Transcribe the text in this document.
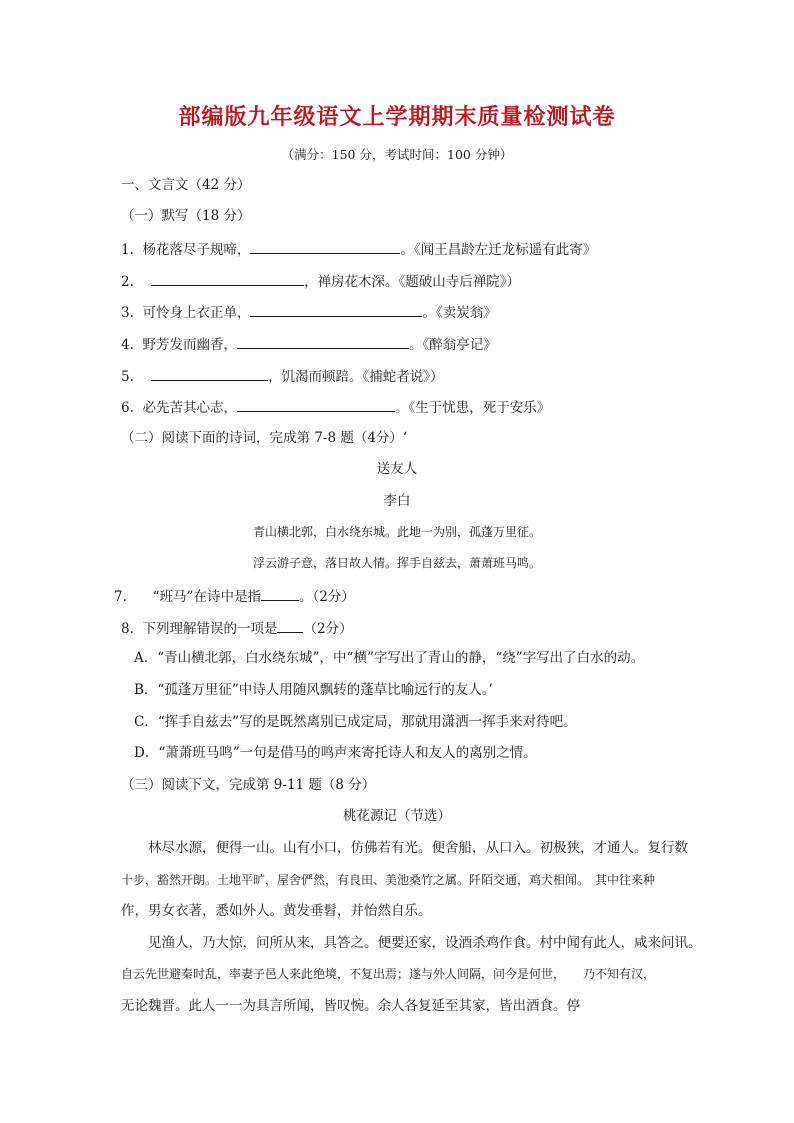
部编版九年级语文上学期期末质量检测试卷
（满分：150 分，考试时间：100 分钟）
一、文言文（42 分）
（一）默写（18 分）
1. 杨花落尽子规啼，	。《闻王昌龄左迁龙标遥有此寄》
2.	，禅房花木深。《题破山寺后禅院》）
3. 可怜身上衣正单，	。《卖炭翁》
4. 野芳发而幽香，	。《醉翁亭记》
5.	，饥渴而顿踣。《捕蛇者说》）
6. 必先苦其心志，	。《生于忧患，死于安乐》
（二）阅读下面的诗词，完成第 7-8 题（4分）‘
送友人
李白
青山横北郭，白水绕东城。此地一为别，孤蓬万里征。
浮云游子意，落日故人情。挥手自兹去，萧萧班马鸣。
7. “班马”在诗中是指	。（2分）
8. 下列理解错误的一项是 （2分）
A．“青山横北郭，白水绕东城”，中“横”字写出了青山的静，“绕”字写出了白水的动。
B．“孤蓬万里征”中诗人用随风飘转的蓬草比喻远行的友人。’
C．“挥手自兹去”写的是既然离别已成定局，那就用潇洒一挥手来对待吧。
D．“萧萧班马鸣”一句是借马的鸣声来寄托诗人和友人的离别之情。
（三）阅读下文，完成第 9-11 题（8 分）
桃花源记（节选）
林尽水源，便得一山。山有小口，仿佛若有光。便舍船，从口入。初极狭，才通人。复行数
十步，豁然开朗。土地平旷，屋舍俨然，有良田、美池桑竹之属。阡陌交通，鸡犬相闻。　其中往来种
作，男女衣著，悉如外人。黄发垂髫，并怡然自乐。
见渔人，乃大惊，问所从来，具答之。便要还家，设酒杀鸡作食。村中闻有此人，咸来问讯。
自云先世避秦时乱，率妻子邑人来此绝境，不复出焉；遂与外人间隔，问今是何世，　　乃不知有汉，
无论魏晋。此人一一为具言所闻，皆叹惋。余人各复延至其家，皆出酒食。停
